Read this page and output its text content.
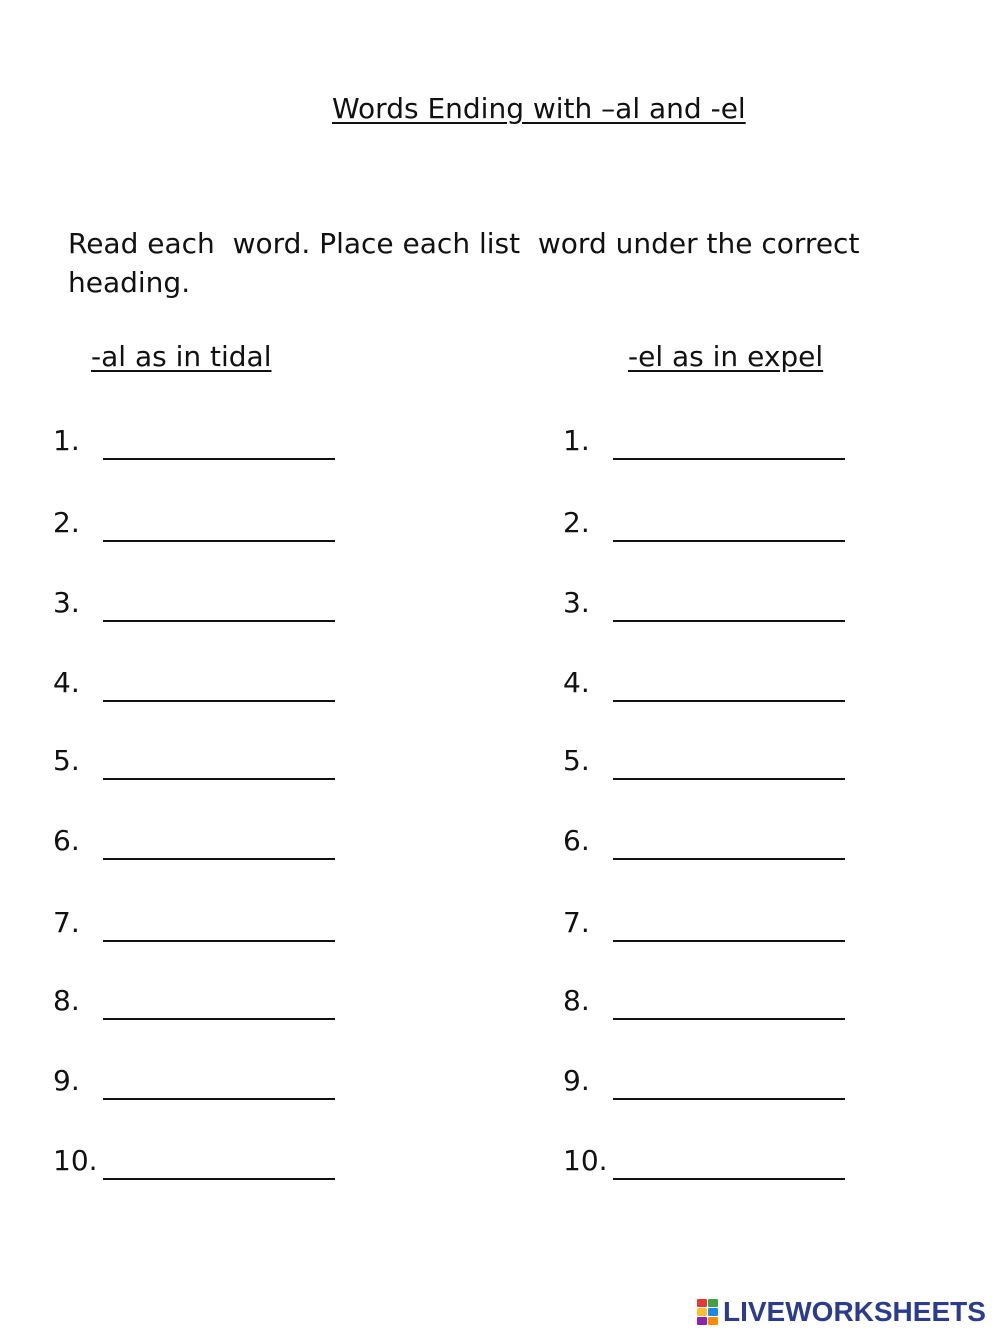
Words Ending with –al and -el

Read each  word. Place each list  word under the correct
heading.

-al as in tidal	-el as in expel
1.
2.
3.
4.
5.
6.
7.
8.
9.
10.
1.
2.
3.
4.
5.
6.
7.
8.
9.
10.
LIVEWORKSHEETS
